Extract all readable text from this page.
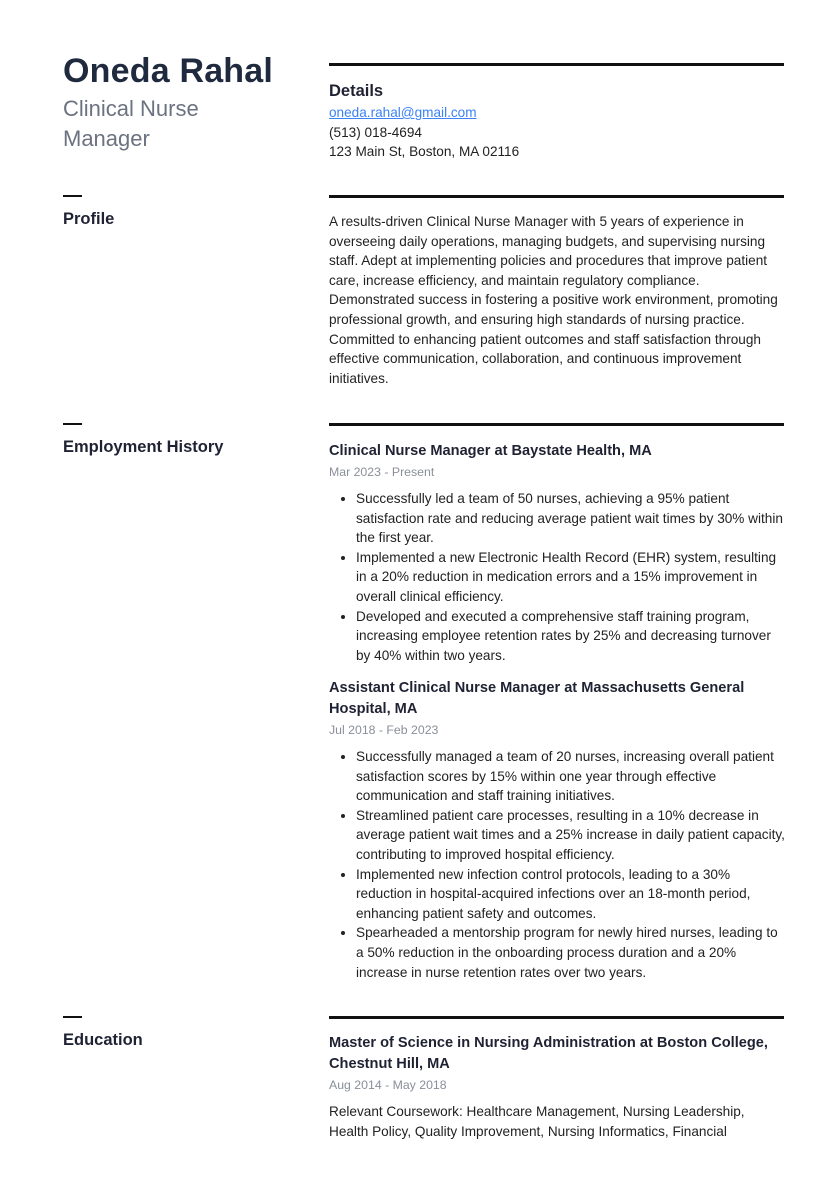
Oneda Rahal
Clinical Nurse Manager
Details
oneda.rahal@gmail.com
(513) 018-4694
123 Main St, Boston, MA 02116
Profile	A results-driven Clinical Nurse Manager with 5 years of experience in overseeing daily operations, managing budgets, and supervising nursing staff. Adept at implementing policies and procedures that improve patient care, increase efficiency, and maintain regulatory compliance. Demonstrated success in fostering a positive work environment, promoting professional growth, and ensuring high standards of nursing practice. Committed to enhancing patient outcomes and staff satisfaction through effective communication, collaboration, and continuous improvement initiatives.

Employment History	Clinical Nurse Manager at Baystate Health, MA
Mar 2023 - Present
• Successfully led a team of 50 nurses, achieving a 95% patient satisfaction rate and reducing average patient wait times by 30% within the first year.
• Implemented a new Electronic Health Record (EHR) system, resulting in a 20% reduction in medication errors and a 15% improvement in overall clinical efficiency.
• Developed and executed a comprehensive staff training program, increasing employee retention rates by 25% and decreasing turnover by 40% within two years.
Assistant Clinical Nurse Manager at Massachusetts General Hospital, MA
Jul 2018 - Feb 2023
• Successfully managed a team of 20 nurses, increasing overall patient satisfaction scores by 15% within one year through effective communication and staff training initiatives.
• Streamlined patient care processes, resulting in a 10% decrease in average patient wait times and a 25% increase in daily patient capacity, contributing to improved hospital efficiency.
• Implemented new infection control protocols, leading to a 30% reduction in hospital-acquired infections over an 18-month period, enhancing patient safety and outcomes.
• Spearheaded a mentorship program for newly hired nurses, leading to a 50% reduction in the onboarding process duration and a 20% increase in nurse retention rates over two years.
Education	Master of Science in Nursing Administration at Boston College, Chestnut Hill, MA
Aug 2014 - May 2018

Relevant Coursework: Healthcare Management, Nursing Leadership, Health Policy, Quality Improvement, Nursing Informatics, Financial
